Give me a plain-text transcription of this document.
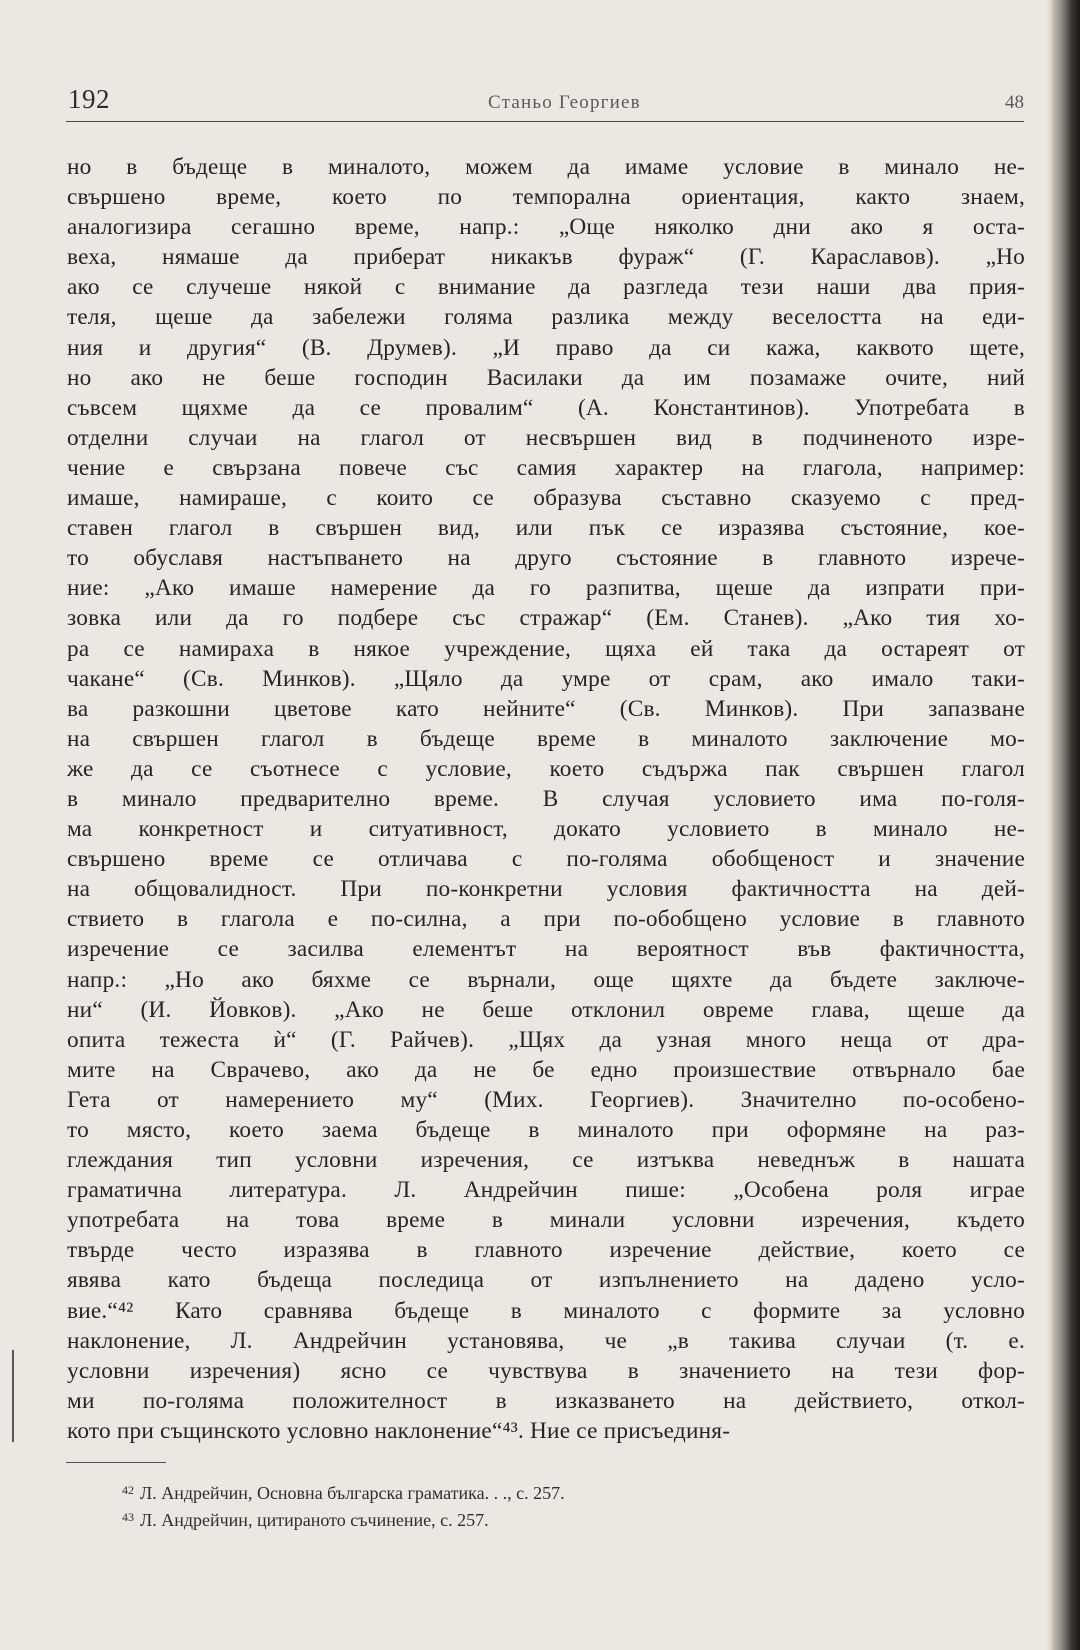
192	Станьо Георгиев	48
но в бъдеще в миналото, можем да имаме условие в минало не-
свършено време, което по темпорална ориентация, както знаем,
аналогизира сегашно време, напр.: „Още няколко дни ако я оста-
веха, нямаше да приберат никакъв фураж“ (Г. Караславов). „Но
ако се случеше някой с внимание да разгледа тези наши два прия-
теля, щеше да забележи голяма разлика между веселостта на еди-
ния и другия“ (В. Друмев). „И право да си кажа, каквото щете,
но ако не беше господин Василаки да им позамаже очите, ний
съвсем щяхме да се провалим“ (А. Константинов). Употребата в
отделни случаи на глагол от несвършен вид в подчиненото изре-
чение е свързана повече със самия характер на глагола, например:
имаше, намираше, с които се образува съставно сказуемо с пред-
ставен глагол в свършен вид, или пък се изразява състояние, кое-
то обуславя настъпването на друго състояние в главното изрече-
ние: „Ако имаше намерение да го разпитва, щеше да изпрати при-
зовка или да го подбере със стражар“ (Ем. Станев). „Ако тия хо-
ра се намираха в някое учреждение, щяха ей така да остареят от
чакане“ (Св. Минков). „Щяло да умре от срам, ако имало таки-
ва разкошни цветове като нейните“ (Св. Минков). При запазване
на свършен глагол в бъдеще време в миналото заключение мо-
же да се съотнесе с условие, което съдържа пак свършен глагол
в минало предварително време. В случая условието има по-голя-
ма конкретност и ситуативност, докато условието в минало не-
свършено време се отличава с по-голяма обобщеност и значение
на общовалидност. При по-конкретни условия фактичността на дей-
ствието в глагола е по-силна, а при по-обобщено условие в главното
изречение се засилва елементът на вероятност във фактичността,
напр.: „Но ако бяхме се върнали, още щяхте да бъдете заключе-
ни“ (И. Йовков). „Ако не беше отклонил овреме глава, щеше да
опита тежеста ѝ“ (Г. Райчев). „Щях да узная много неща от дра-
мите на Сврачево, ако да не бе едно произшествие отвърнало бае
Гета от намерението му“ (Мих. Георгиев). Значително по-особено-
то място, което заема бъдеще в миналото при оформяне на раз-
глеждания тип условни изречения, се изтъква неведнъж в нашата
граматична литература. Л. Андрейчин пише: „Особена роля играе
употребата на това време в минали условни изречения, където
твърде често изразява в главното изречение действие, което се
явява като бъдеща последица от изпълнението на дадено усло-
вие.“⁴² Като сравнява бъдеще в миналото с формите за условно
наклонение, Л. Андрейчин установява, че „в такива случаи (т. е.
условни изречения) ясно се чувствува в значението на тези фор-
ми по-голяма положителност в изказването на действието, откол-
кото при същинското условно наклонение“⁴³. Ние се присъединя-
$^{42}$ Л. Андрейчин, Основна българска граматика. . ., с. 257.
$^{43}$ Л. Андрейчин, цитираното съчинение, с. 257.
